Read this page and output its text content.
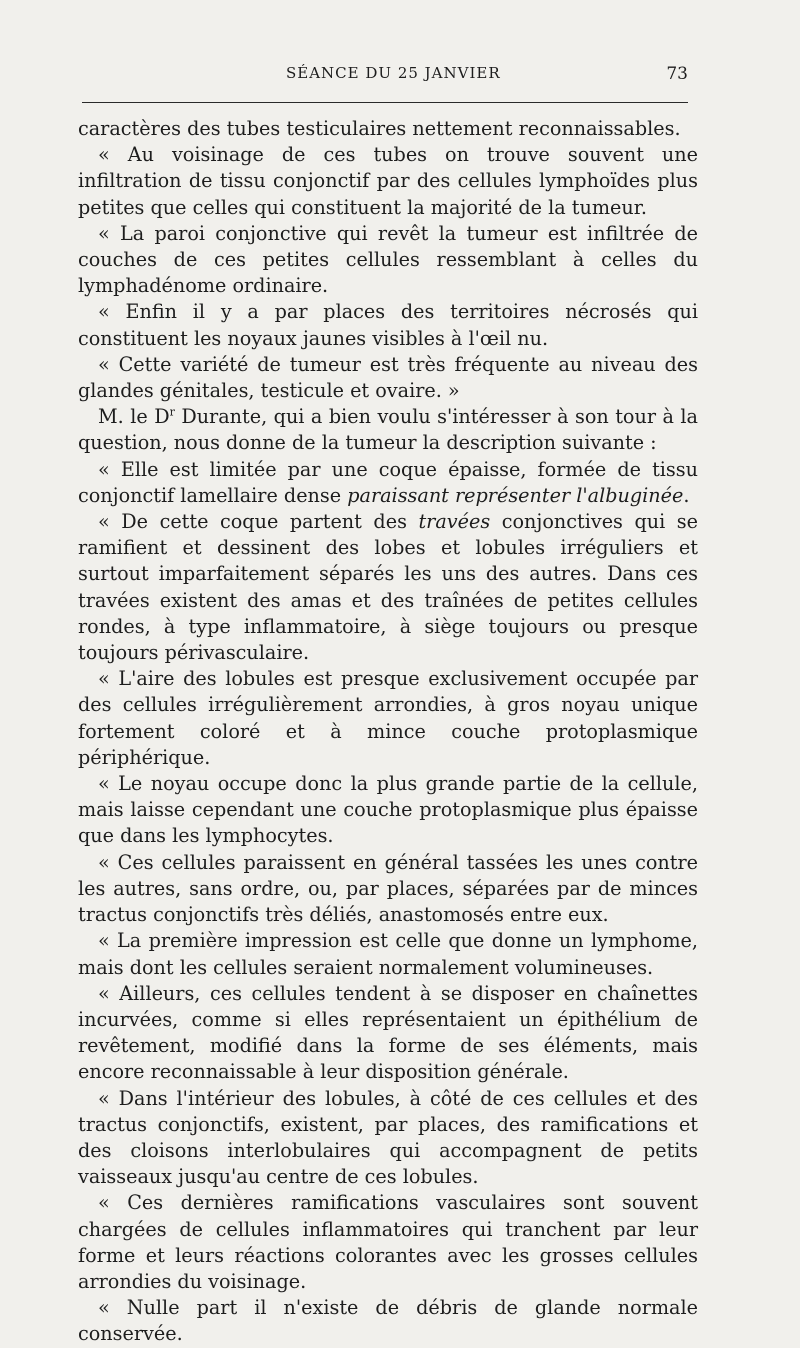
SÉANCE DU 25 JANVIER	73

caractères des tubes testiculaires nettement reconnaissables.

« Au voisinage de ces tubes on trouve souvent une infiltration de tissu conjonctif par des cellules lymphoïdes plus petites que celles qui constituent la majorité de la tumeur.

« La paroi conjonctive qui revêt la tumeur est infiltrée de couches de ces petites cellules ressemblant à celles du lymphadénome ordinaire.

« Enfin il y a par places des territoires nécrosés qui constituent les noyaux jaunes visibles à l'œil nu.

« Cette variété de tumeur est très fréquente au niveau des glandes génitales, testicule et ovaire. »

M. le $D^r$ Durante, qui a bien voulu s'intéresser à son tour à la question, nous donne de la tumeur la description suivante :

« Elle est limitée par une coque épaisse, formée de tissu conjonctif lamellaire dense paraissant représenter l'albuginée.

« De cette coque partent des travées conjonctives qui se ramifient et dessinent des lobes et lobules irréguliers et surtout imparfaitement séparés les uns des autres. Dans ces travées existent des amas et des traînées de petites cellules rondes, à type inflammatoire, à siège toujours ou presque toujours périvasculaire.

« L'aire des lobules est presque exclusivement occupée par des cellules irrégulièrement arrondies, à gros noyau unique fortement coloré et à mince couche protoplasmique périphérique.

« Le noyau occupe donc la plus grande partie de la cellule, mais laisse cependant une couche protoplasmique plus épaisse que dans les lymphocytes.

« Ces cellules paraissent en général tassées les unes contre les autres, sans ordre, ou, par places, séparées par de minces tractus conjonctifs très déliés, anastomosés entre eux.

« La première impression est celle que donne un lymphome, mais dont les cellules seraient normalement volumineuses.

« Ailleurs, ces cellules tendent à se disposer en chaînettes incurvées, comme si elles représentaient un épithélium de revêtement, modifié dans la forme de ses éléments, mais encore reconnaissable à leur disposition générale.

« Dans l'intérieur des lobules, à côté de ces cellules et des tractus conjonctifs, existent, par places, des ramifications et des cloisons interlobulaires qui accompagnent de petits vaisseaux jusqu'au centre de ces lobules.

« Ces dernières ramifications vasculaires sont souvent chargées de cellules inflammatoires qui tranchent par leur forme et leurs réactions colorantes avec les grosses cellules arrondies du voisinage.

« Nulle part il n'existe de débris de glande normale conservée.
